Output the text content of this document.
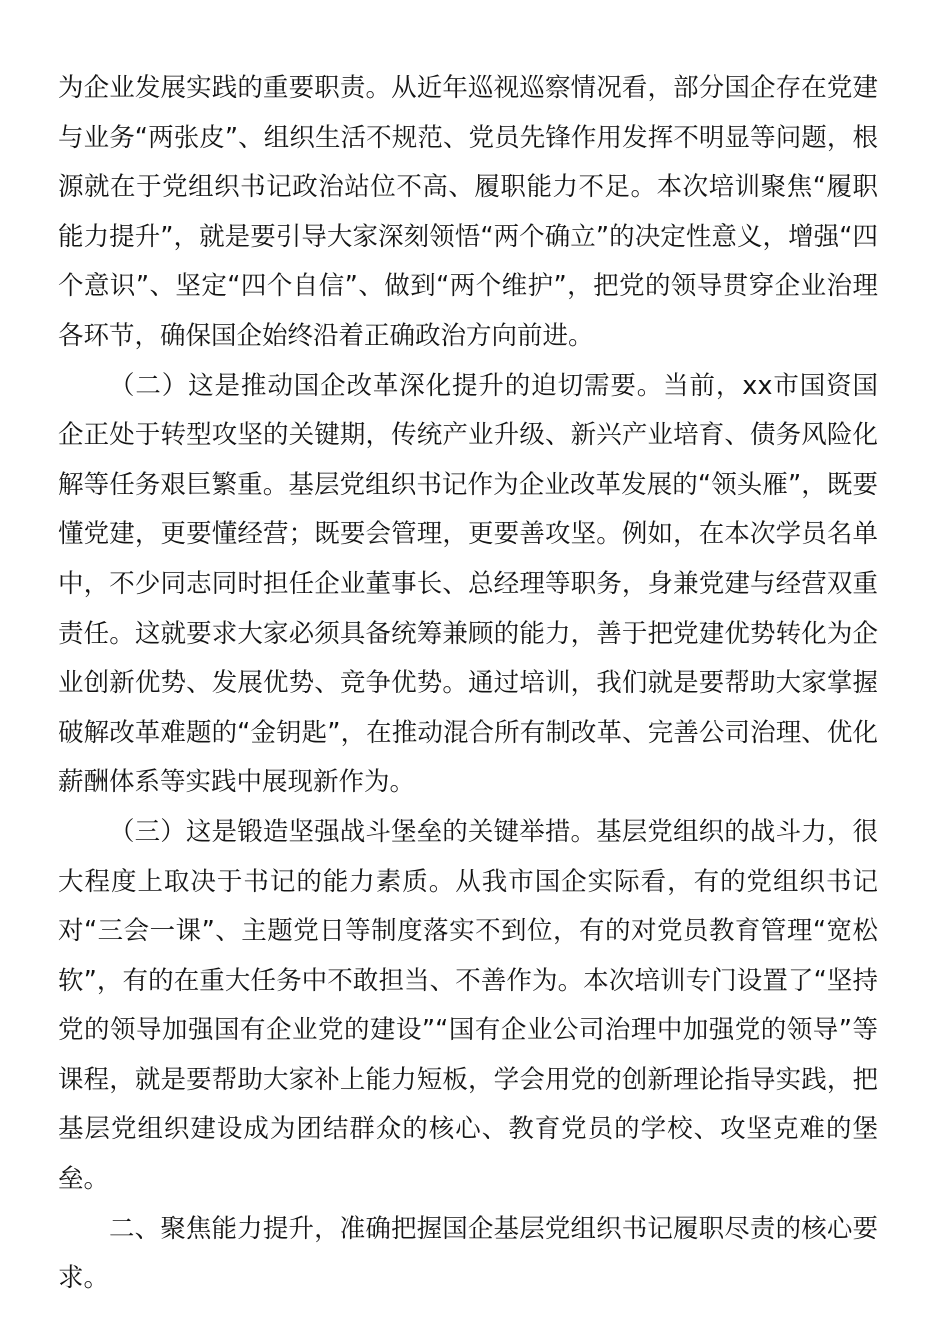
为企业发展实践的重要职责。从近年巡视巡察情况看，部分国企存在党建与业务“两张皮”、组织生活不规范、党员先锋作用发挥不明显等问题，根源就在于党组织书记政治站位不高、履职能力不足。本次培训聚焦“履职能力提升”，就是要引导大家深刻领悟“两个确立”的决定性意义，增强“四个意识”、坚定“四个自信”、做到“两个维护”，把党的领导贯穿企业治理各环节，确保国企始终沿着正确政治方向前进。

（二）这是推动国企改革深化提升的迫切需要。当前，xx市国资国企正处于转型攻坚的关键期，传统产业升级、新兴产业培育、债务风险化解等任务艰巨繁重。基层党组织书记作为企业改革发展的“领头雁”，既要懂党建，更要懂经营；既要会管理，更要善攻坚。例如，在本次学员名单中，不少同志同时担任企业董事长、总经理等职务，身兼党建与经营双重责任。这就要求大家必须具备统筹兼顾的能力，善于把党建优势转化为企业创新优势、发展优势、竞争优势。通过培训，我们就是要帮助大家掌握破解改革难题的“金钥匙”，在推动混合所有制改革、完善公司治理、优化薪酬体系等实践中展现新作为。

（三）这是锻造坚强战斗堡垒的关键举措。基层党组织的战斗力，很大程度上取决于书记的能力素质。从我市国企实际看，有的党组织书记对“三会一课”、主题党日等制度落实不到位，有的对党员教育管理“宽松软”，有的在重大任务中不敢担当、不善作为。本次培训专门设置了“坚持党的领导加强国有企业党的建设”“国有企业公司治理中加强党的领导”等课程，就是要帮助大家补上能力短板，学会用党的创新理论指导实践，把基层党组织建设成为团结群众的核心、教育党员的学校、攻坚克难的堡垒。

二、聚焦能力提升，准确把握国企基层党组织书记履职尽责的核心要求。
